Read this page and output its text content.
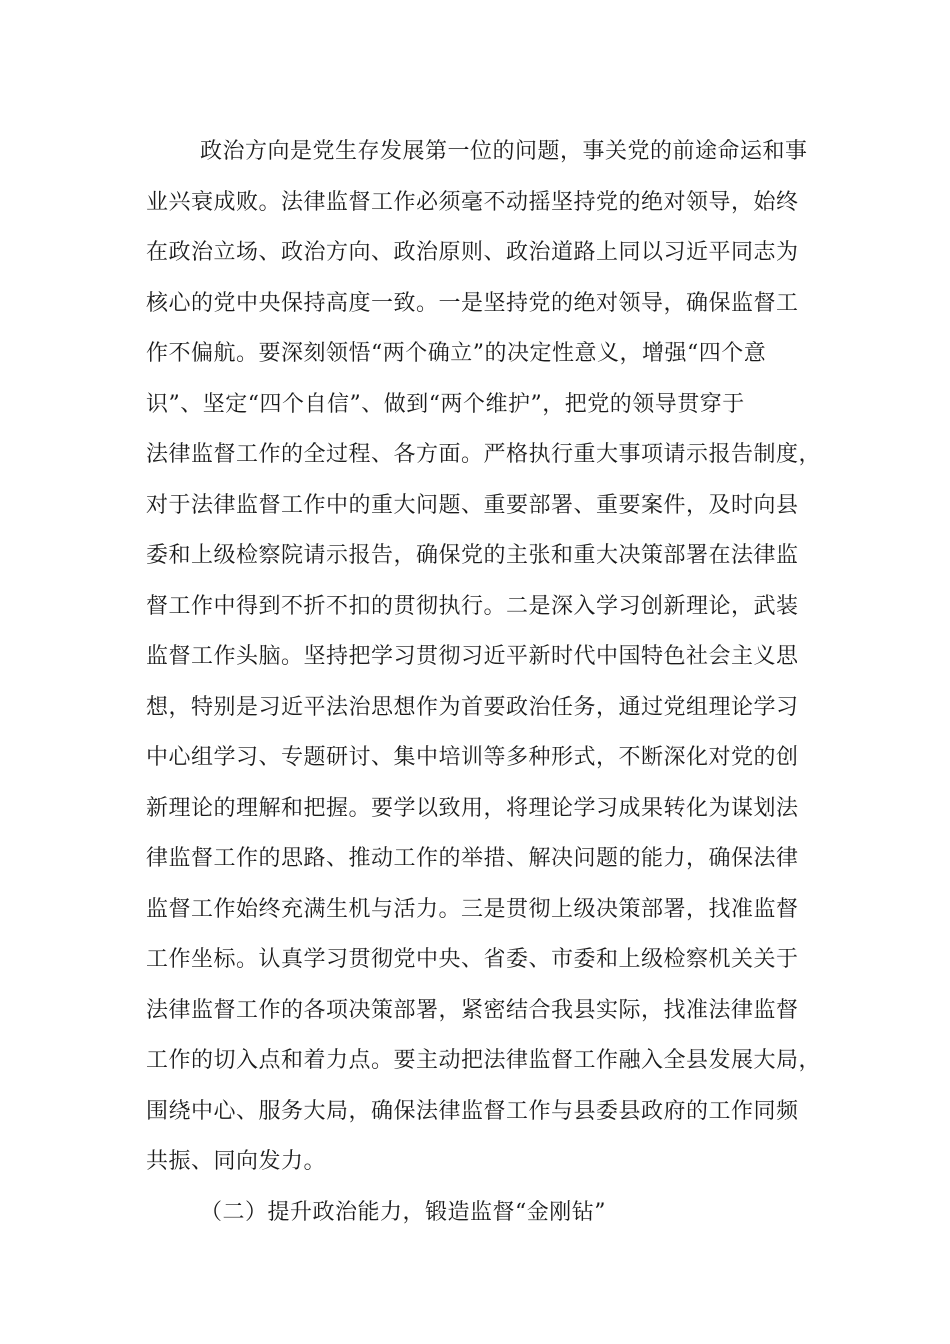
政治方向是党生存发展第一位的问题，事关党的前途命运和事

业兴衰成败。法律监督工作必须毫不动摇坚持党的绝对领导，始终

在政治立场、政治方向、政治原则、政治道路上同以习近平同志为

核心的党中央保持高度一致。一是坚持党的绝对领导，确保监督工

作不偏航。要深刻领悟“两个确立”的决定性意义，增强“四个意

识”、坚定“四个自信”、做到“两个维护”，把党的领导贯穿于

法律监督工作的全过程、各方面。严格执行重大事项请示报告制度，

对于法律监督工作中的重大问题、重要部署、重要案件，及时向县

委和上级检察院请示报告，确保党的主张和重大决策部署在法律监

督工作中得到不折不扣的贯彻执行。二是深入学习创新理论，武装

监督工作头脑。坚持把学习贯彻习近平新时代中国特色社会主义思

想，特别是习近平法治思想作为首要政治任务，通过党组理论学习

中心组学习、专题研讨、集中培训等多种形式，不断深化对党的创

新理论的理解和把握。要学以致用，将理论学习成果转化为谋划法

律监督工作的思路、推动工作的举措、解决问题的能力，确保法律

监督工作始终充满生机与活力。三是贯彻上级决策部署，找准监督

工作坐标。认真学习贯彻党中央、省委、市委和上级检察机关关于

法律监督工作的各项决策部署，紧密结合我县实际，找准法律监督

工作的切入点和着力点。要主动把法律监督工作融入全县发展大局，

围绕中心、服务大局，确保法律监督工作与县委县政府的工作同频

共振、同向发力。

（二）提升政治能力，锻造监督“金刚钻”
